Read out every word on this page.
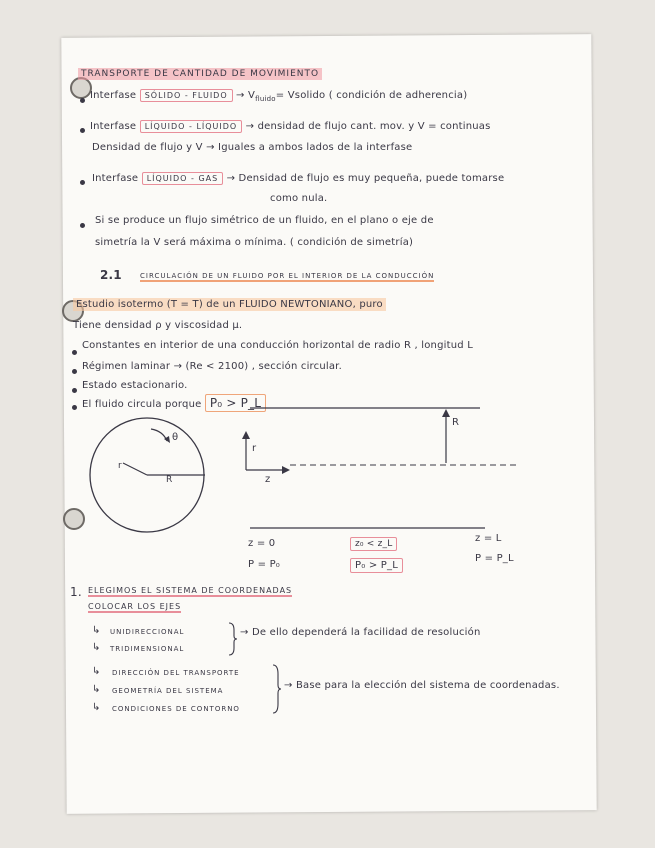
TRANSPORTE DE CANTIDAD DE MOVIMIENTO
Interfase SÓLIDO - FLUIDO → $V_{fluido}=$ Vsolido ( condición de adherencia)
Interfase LÍQUIDO - LÍQUIDO → densidad de flujo cant. mov. y V = continuas
Densidad de flujo y V → Iguales a ambos lados de la interfase
Interfase LÍQUIDO - GAS → Densidad de flujo es muy pequeña, puede tomarse
como nula.
Si se produce un flujo simétrico de un fluido, en el plano o eje de
simetría la V será máxima o mínima. ( condición de simetría)
2.1	CIRCULACIÓN DE UN FLUIDO POR EL INTERIOR DE LA CONDUCCIÓN
Estudio isotermo (T = T) de un FLUIDO NEWTONIANO, puro
Tiene densidad ρ y viscosidad μ.
Constantes en interior de una conducción horizontal de radio R , longitud L
Régimen laminar → (Re < 2100) , sección circular.
Estado estacionario.
El fluido circula porque P₀ > P_L
θ
r
R
r
z
R
z = 0
P = P₀
z₀ < z_L
P₀ > P_L
z = L
P = P_L
1. ELEGIMOS EL SISTEMA DE COORDENADAS
COLOCAR LOS EJES
↳ UNIDIRECCIONAL
↳ TRIDIMENSIONAL
→ De ello dependerá la facilidad de resolución
↳ DIRECCIÓN DEL TRANSPORTE
↳ GEOMETRÍA DEL SISTEMA
↳ CONDICIONES DE CONTORNO
→ Base para la elección del sistema de coordenadas.
